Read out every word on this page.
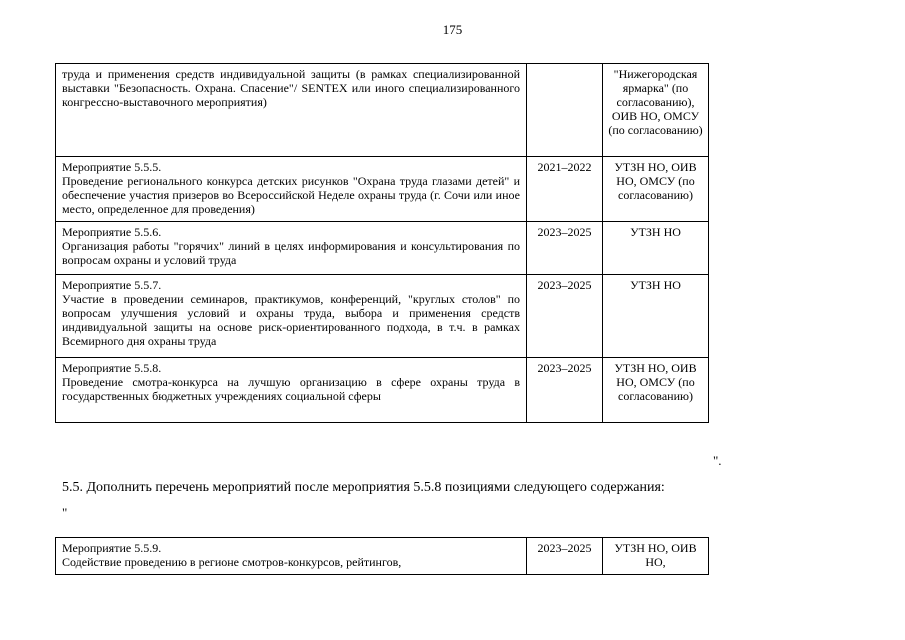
175
труда и применения средств индивидуальной защиты (в рамках специализированной выставки "Безопасность. Охрана. Спасение"/ SENTEX или иного специализированного конгрессно-выставочного мероприятия)		"Нижегородская ярмарка" (по согласованию), ОИВ НО, ОМСУ (по согласованию)

Мероприятие 5.5.5.
Проведение регионального конкурса детских рисунков "Охрана труда глазами детей" и обеспечение участия призеров во Всероссийской Неделе охраны труда (г. Сочи или иное место, определенное для проведения)	2021–2022	УТЗН НО, ОИВ НО, ОМСУ (по согласованию)

Мероприятие 5.5.6.
Организация работы "горячих" линий в целях информирования и консультирования по вопросам охраны и условий труда	2023–2025	УТЗН НО

Мероприятие 5.5.7.
Участие в проведении семинаров, практикумов, конференций, "круглых столов" по вопросам улучшения условий и охраны труда, выбора и применения средств индивидуальной защиты на основе риск-ориентированного подхода, в т.ч. в рамках Всемирного дня охраны труда	2023–2025	УТЗН НО

Мероприятие 5.5.8.
Проведение смотра-конкурса на лучшую организацию в сфере охраны труда в государственных бюджетных учреждениях социальной сферы	2023–2025	УТЗН НО, ОИВ НО, ОМСУ (по согласованию)
".
5.5. Дополнить перечень мероприятий после мероприятия 5.5.8 позициями следующего содержания:
"
Мероприятие 5.5.9.
Содействие проведению в регионе смотров-конкурсов, рейтингов,
	2023–2025	УТЗН НО, ОИВ НО,
